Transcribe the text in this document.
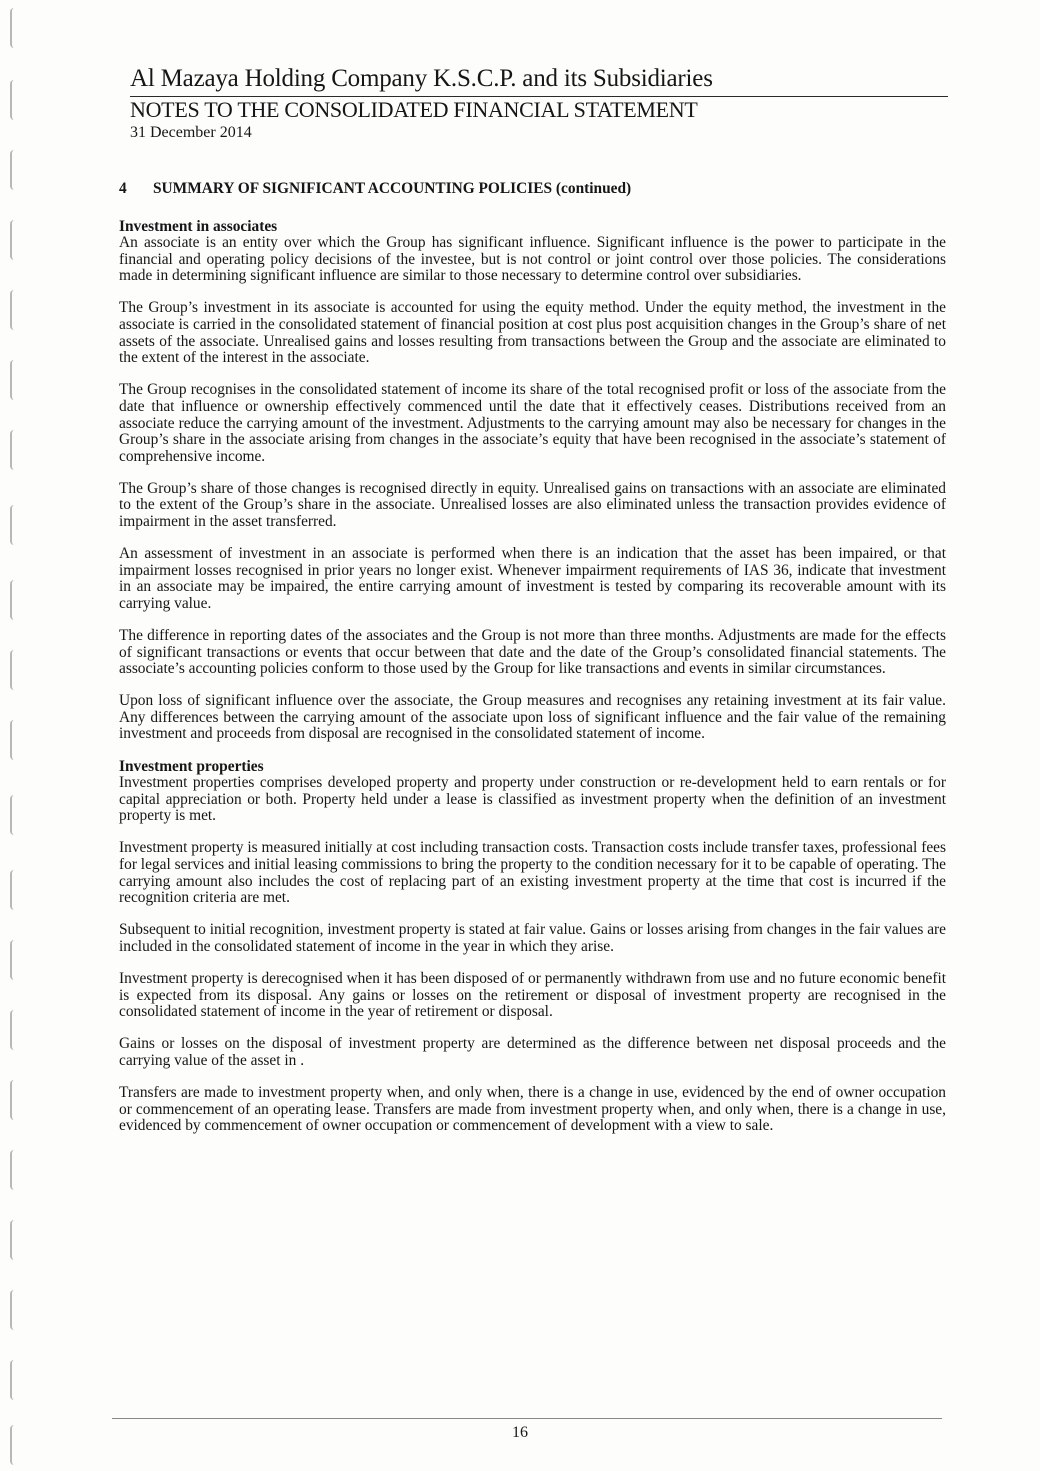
Al Mazaya Holding Company K.S.C.P. and its Subsidiaries
NOTES TO THE CONSOLIDATED FINANCIAL STATEMENT
31 December 2014
4 SUMMARY OF SIGNIFICANT ACCOUNTING POLICIES (continued)
Investment in associates

An associate is an entity over which the Group has significant influence. Significant influence is the power to participate in the financial and operating policy decisions of the investee, but is not control or joint control over those policies. The considerations made in determining significant influence are similar to those necessary to determine control over subsidiaries.

The Group’s investment in its associate is accounted for using the equity method. Under the equity method, the investment in the associate is carried in the consolidated statement of financial position at cost plus post acquisition changes in the Group’s share of net assets of the associate. Unrealised gains and losses resulting from transactions between the Group and the associate are eliminated to the extent of the interest in the associate.

The Group recognises in the consolidated statement of income its share of the total recognised profit or loss of the associate from the date that influence or ownership effectively commenced until the date that it effectively ceases. Distributions received from an associate reduce the carrying amount of the investment. Adjustments to the carrying amount may also be necessary for changes in the Group’s share in the associate arising from changes in the associate’s equity that have been recognised in the associate’s statement of comprehensive income.

The Group’s share of those changes is recognised directly in equity. Unrealised gains on transactions with an associate are eliminated to the extent of the Group’s share in the associate. Unrealised losses are also eliminated unless the transaction provides evidence of impairment in the asset transferred.

An assessment of investment in an associate is performed when there is an indication that the asset has been impaired, or that impairment losses recognised in prior years no longer exist. Whenever impairment requirements of IAS 36, indicate that investment in an associate may be impaired, the entire carrying amount of investment is tested by comparing its recoverable amount with its carrying value.

The difference in reporting dates of the associates and the Group is not more than three months. Adjustments are made for the effects of significant transactions or events that occur between that date and the date of the Group’s consolidated financial statements. The associate’s accounting policies conform to those used by the Group for like transactions and events in similar circumstances.

Upon loss of significant influence over the associate, the Group measures and recognises any retaining investment at its fair value. Any differences between the carrying amount of the associate upon loss of significant influence and the fair value of the remaining investment and proceeds from disposal are recognised in the consolidated statement of income.

Investment properties

Investment properties comprises developed property and property under construction or re-development held to earn rentals or for capital appreciation or both. Property held under a lease is classified as investment property when the definition of an investment property is met.

Investment property is measured initially at cost including transaction costs. Transaction costs include transfer taxes, professional fees for legal services and initial leasing commissions to bring the property to the condition necessary for it to be capable of operating. The carrying amount also includes the cost of replacing part of an existing investment property at the time that cost is incurred if the recognition criteria are met.

Subsequent to initial recognition, investment property is stated at fair value. Gains or losses arising from changes in the fair values are included in the consolidated statement of income in the year in which they arise.

Investment property is derecognised when it has been disposed of or permanently withdrawn from use and no future economic benefit is expected from its disposal. Any gains or losses on the retirement or disposal of investment property are recognised in the consolidated statement of income in the year of retirement or disposal.

Gains or losses on the disposal of investment property are determined as the difference between net disposal proceeds and the carrying value of the asset in .

Transfers are made to investment property when, and only when, there is a change in use, evidenced by the end of owner occupation or commencement of an operating lease. Transfers are made from investment property when, and only when, there is a change in use, evidenced by commencement of owner occupation or commencement of development with a view to sale.

16
